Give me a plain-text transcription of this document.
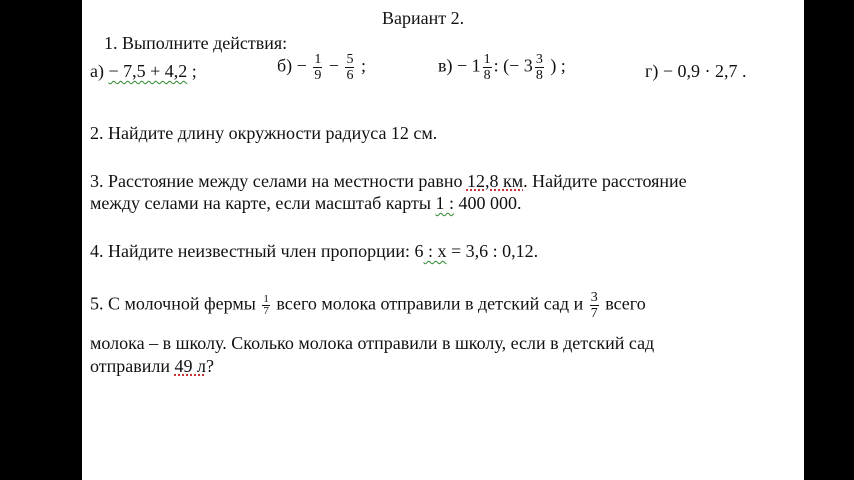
Вариант 2.
1. Выполните действия:
а) − 7,5 + 4,2 ;	$б) - \frac{1}{9} - \frac{5}{6}$ ;	$в) - 1 \frac{1}{8}$ : (− $3 \frac{3}{8}$ ) ;	г) − 0,9 · 2,7 .
2. Найдите длину окружности радиуса 12 см.
3. Расстояние между селами на местности равно 12,8 км. Найдите расстояние
между селами на карте, если масштаб карты 1 : 400 000.
4. Найдите неизвестный член пропорции: 6 : х = 3,6 : 0,12.
5. С молочной фермы $\frac{1}{7}$ всего молока отправили в детский сад и $\frac{3}{7}$ всего
молока – в школу. Сколько молока отправили в школу, если в детский сад
отправили 49 л?
